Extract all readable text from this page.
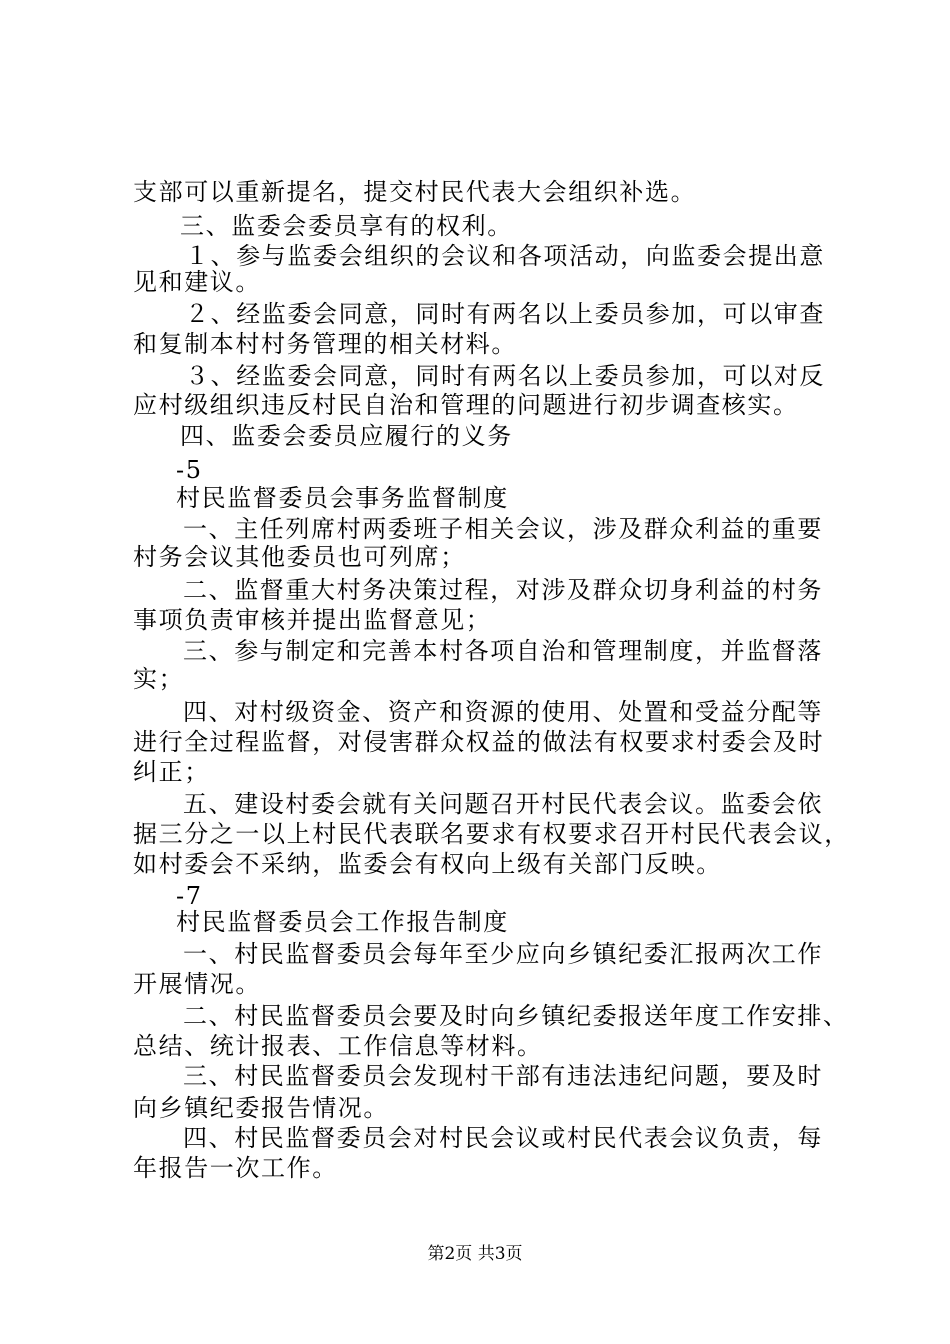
支部可以重新提名，提交村民代表大会组织补选。
三、监委会委员享有的权利。
１、参与监委会组织的会议和各项活动，向监委会提出意
见和建议。
２、经监委会同意，同时有两名以上委员参加，可以审查
和复制本村村务管理的相关材料。
３、经监委会同意，同时有两名以上委员参加，可以对反
应村级组织违反村民自治和管理的问题进行初步调查核实。
四、监委会委员应履行的义务
-5
村民监督委员会事务监督制度
一、主任列席村两委班子相关会议，涉及群众利益的重要
村务会议其他委员也可列席；
二、监督重大村务决策过程，对涉及群众切身利益的村务
事项负责审核并提出监督意见；
三、参与制定和完善本村各项自治和管理制度，并监督落
实；
四、对村级资金、资产和资源的使用、处置和受益分配等
进行全过程监督，对侵害群众权益的做法有权要求村委会及时
纠正；
五、建设村委会就有关问题召开村民代表会议。监委会依
据三分之一以上村民代表联名要求有权要求召开村民代表会议，
如村委会不采纳，监委会有权向上级有关部门反映。
-7
村民监督委员会工作报告制度
一、村民监督委员会每年至少应向乡镇纪委汇报两次工作
开展情况。
二、村民监督委员会要及时向乡镇纪委报送年度工作安排、
总结、统计报表、工作信息等材料。
三、村民监督委员会发现村干部有违法违纪问题，要及时
向乡镇纪委报告情况。
四、村民监督委员会对村民会议或村民代表会议负责，每
年报告一次工作。
第2页 共3页
